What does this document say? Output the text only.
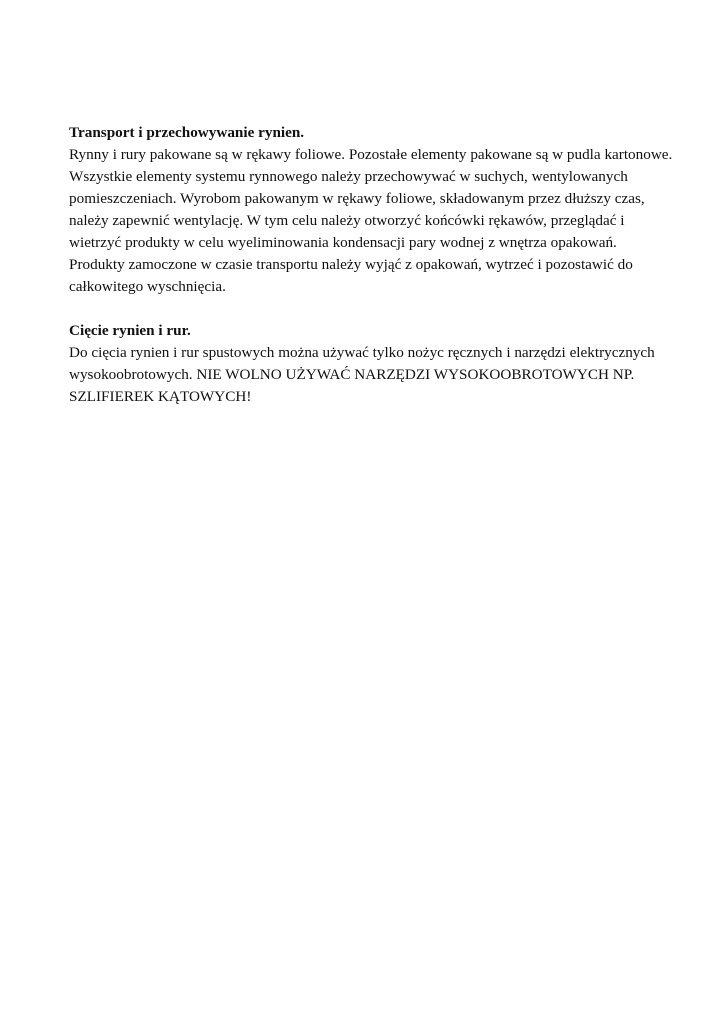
Transport i przechowywanie rynien.
Rynny i rury pakowane są w rękawy foliowe. Pozostałe elementy pakowane są w pudla kartonowe.
Wszystkie elementy systemu rynnowego należy przechowywać w suchych, wentylowanych
pomieszczeniach. Wyrobom pakowanym w rękawy foliowe, składowanym przez dłuższy czas,
należy zapewnić wentylację. W tym celu należy otworzyć końcówki rękawów, przeglądać i
wietrzyć produkty w celu wyeliminowania kondensacji pary wodnej z wnętrza opakowań.
Produkty zamoczone w czasie transportu należy wyjąć z opakowań, wytrzeć i pozostawić do
całkowitego wyschnięcia.
Cięcie rynien i rur.
Do cięcia rynien i rur spustowych można używać tylko nożyc ręcznych i narzędzi elektrycznych
wysokoobrotowych. NIE WOLNO UŻYWAĆ NARZĘDZI WYSOKOOBROTOWYCH NP.
SZLIFIEREK KĄTOWYCH!
